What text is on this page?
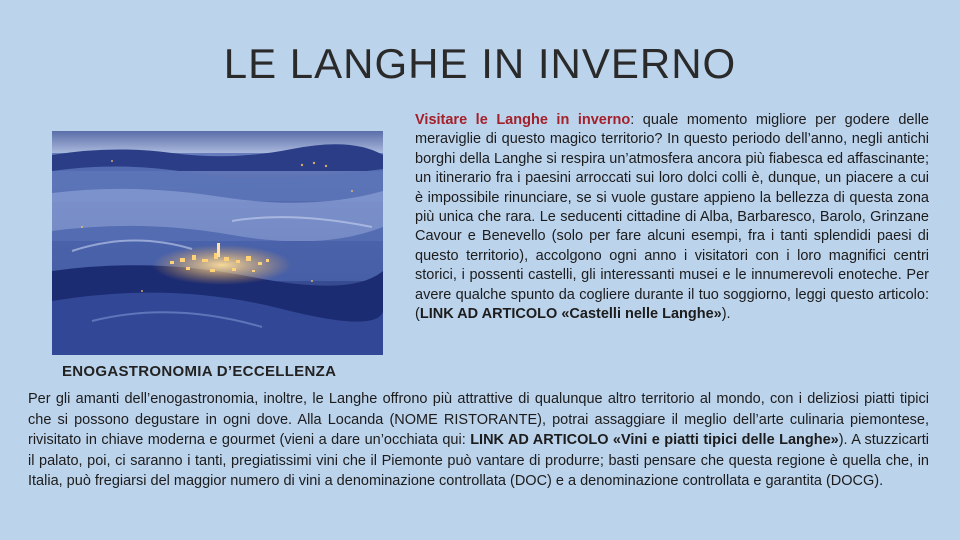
LE LANGHE IN INVERNO
ENOGASTRONOMIA D’ECCELLENZA

Visitare le Langhe in inverno: quale momento migliore per godere delle meraviglie di questo magico territorio? In questo periodo dell’anno, negli antichi borghi della Langhe si respira un’atmosfera ancora più fiabesca ed affascinante; un itinerario fra i paesini arroccati sui loro dolci colli è, dunque, un piacere a cui è impossibile rinunciare, se si vuole gustare appieno la bellezza di questa zona più unica che rara. Le seducenti cittadine di Alba, Barbaresco, Barolo, Grinzane Cavour e Benevello (solo per fare alcuni esempi, fra i tanti splendidi paesi di questo territorio), accolgono ogni anno i visitatori con i loro magnifici centri storici, i possenti castelli, gli interessanti musei e le innumerevoli enoteche. Per avere qualche spunto da cogliere durante il tuo soggiorno, leggi questo articolo: (LINK AD ARTICOLO «Castelli nelle Langhe»).

Per gli amanti dell’enogastronomia, inoltre, le Langhe offrono più attrattive di qualunque altro territorio al mondo, con i deliziosi piatti tipici che si possono degustare in ogni dove. Alla Locanda (NOME RISTORANTE), potrai assaggiare il meglio dell’arte culinaria piemontese, rivisitato in chiave moderna e gourmet (vieni a dare un’occhiata qui: LINK AD ARTICOLO «Vini e piatti tipici delle Langhe»). A stuzzicarti il palato, poi, ci saranno i tanti, pregiatissimi vini che il Piemonte può vantare di produrre; basti pensare che questa regione è quella che, in Italia, può fregiarsi del maggior numero di vini a denominazione controllata (DOC) e a denominazione controllata e garantita (DOCG).
